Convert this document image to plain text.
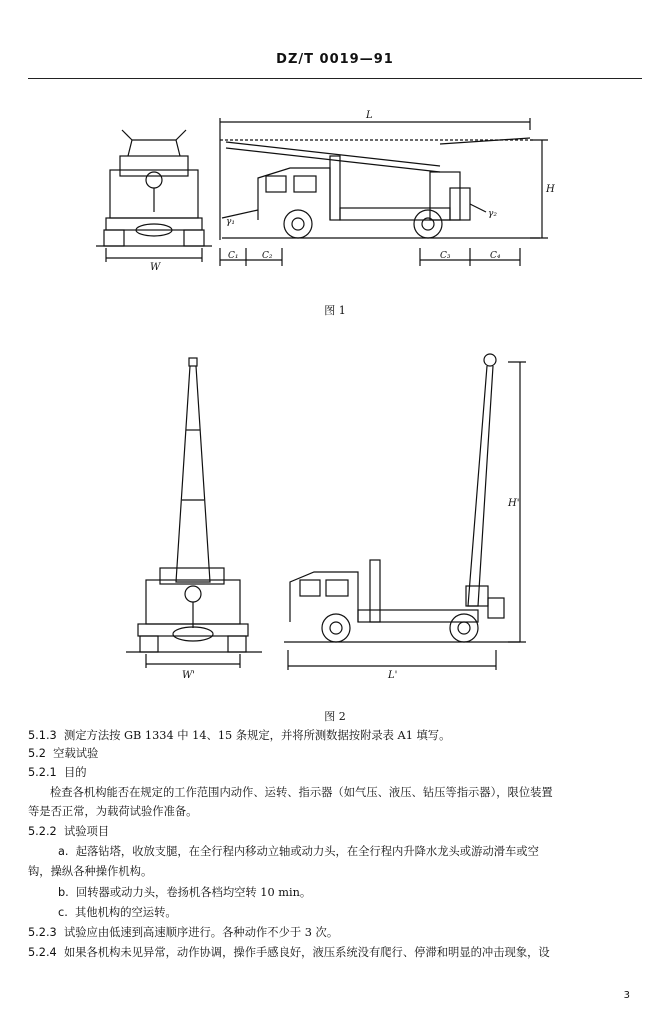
DZ/T 0019—91
L
H
W
C₁	C₂	C₃	C₄
γ₁
γ₂
图 1
H'
W'	L'
图 2
5.1.3 测定方法按 GB 1334 中 14、15 条规定，并将所测数据按附录表 A1 填写。
5.2 空载试验
5.2.1 目的
检查各机构能否在规定的工作范围内动作、运转、指示器（如气压、液压、钻压等指示器），限位装置
等是否正常，为载荷试验作准备。
5.2.2 试验项目
a. 起落钻塔，收放支腿，在全行程内移动立轴或动力头，在全行程内升降水龙头或游动滑车或空
钩，操纵各种操作机构。
b. 回转器或动力头，卷扬机各档均空转 10 min。
c. 其他机构的空运转。
5.2.3 试验应由低速到高速顺序进行。各种动作不少于 3 次。
5.2.4 如果各机构未见异常，动作协调，操作手感良好，液压系统没有爬行、停滞和明显的冲击现象，设
3
